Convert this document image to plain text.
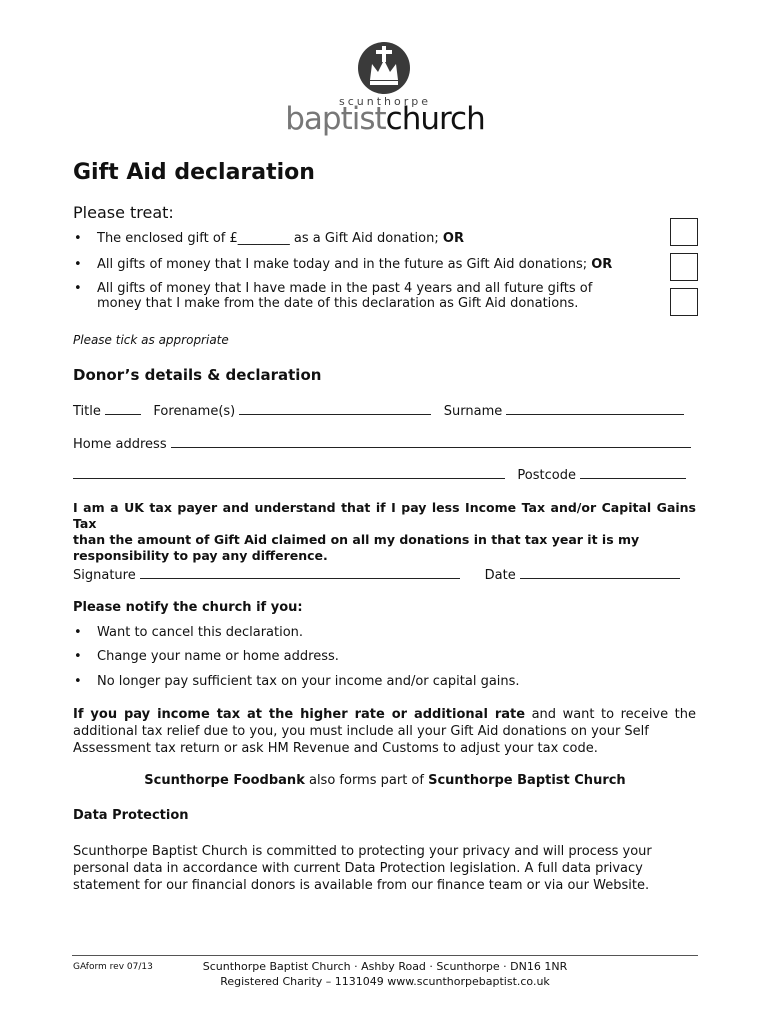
scunthorpe
baptistchurch
Gift Aid declaration
Please treat:
• The enclosed gift of £________ as a Gift Aid donation; OR
• All gifts of money that I make today and in the future as Gift Aid donations; OR
• All gifts of money that I have made in the past 4 years and all future gifts of
money that I make from the date of this declaration as Gift Aid donations.
Please tick as appropriate
Donor’s details & declaration
Title	Forename(s)	Surname
Home address
Postcode
I am a UK tax payer and understand that if I pay less Income Tax and/or Capital Gains Tax
than the amount of Gift Aid claimed on all my donations in that tax year it is my
responsibility to pay any difference.
Signature	Date
Please notify the church if you:
• Want to cancel this declaration.
• Change your name or home address.
• No longer pay sufficient tax on your income and/or capital gains.
If you pay income tax at the higher rate or additional rate and want to receive the
additional tax relief due to you, you must include all your Gift Aid donations on your Self
Assessment tax return or ask HM Revenue and Customs to adjust your tax code.
Scunthorpe Foodbank also forms part of Scunthorpe Baptist Church
Data Protection
Scunthorpe Baptist Church is committed to protecting your privacy and will process your
personal data in accordance with current Data Protection legislation. A full data privacy
statement for our financial donors is available from our finance team or via our Website.
GAform rev 07/13	Scunthorpe Baptist Church · Ashby Road · Scunthorpe · DN16 1NR
Registered Charity – 1131049 www.scunthorpebaptist.co.uk
